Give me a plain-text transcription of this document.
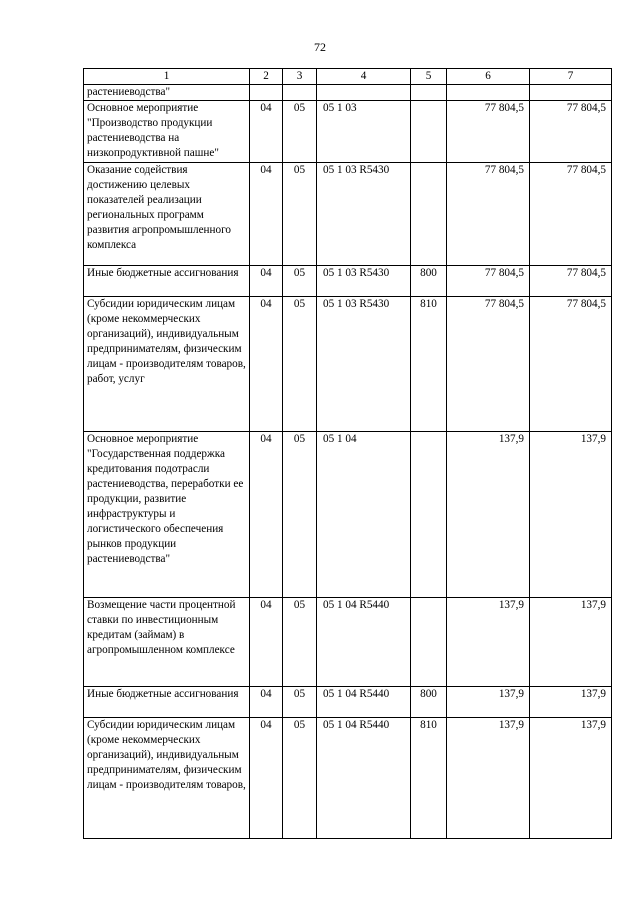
72
1	2	3	4	5	6	7
растениеводства"						
Основное мероприятие "Производство продукции растениеводства на низкопродуктивной пашне"	04	05	05 1 03		77 804,5	77 804,5
Оказание содействия достижению целевых показателей реализации региональных программ развития агропромышленного комплекса	04	05	05 1 03 R5430		77 804,5	77 804,5
Иные бюджетные ассигнования	04	05	05 1 03 R5430	800	77 804,5	77 804,5
Субсидии юридическим лицам (кроме некоммерческих организаций), индивидуальным предпринимателям, физическим лицам - производителям товаров, работ, услуг	04	05	05 1 03 R5430	810	77 804,5	77 804,5
Основное мероприятие "Государственная поддержка кредитования подотрасли растениеводства, переработки ее продукции, развитие инфраструктуры и логистического обеспечения рынков продукции растениеводства"	04	05	05 1 04		137,9	137,9
Возмещение части процентной ставки по инвестиционным кредитам (займам) в агропромышленном комплексе	04	05	05 1 04 R5440		137,9	137,9
Иные бюджетные ассигнования	04	05	05 1 04 R5440	800	137,9	137,9
Субсидии юридическим лицам (кроме некоммерческих организаций), индивидуальным предпринимателям, физическим лицам - производителям товаров,	04	05	05 1 04 R5440	810	137,9	137,9
